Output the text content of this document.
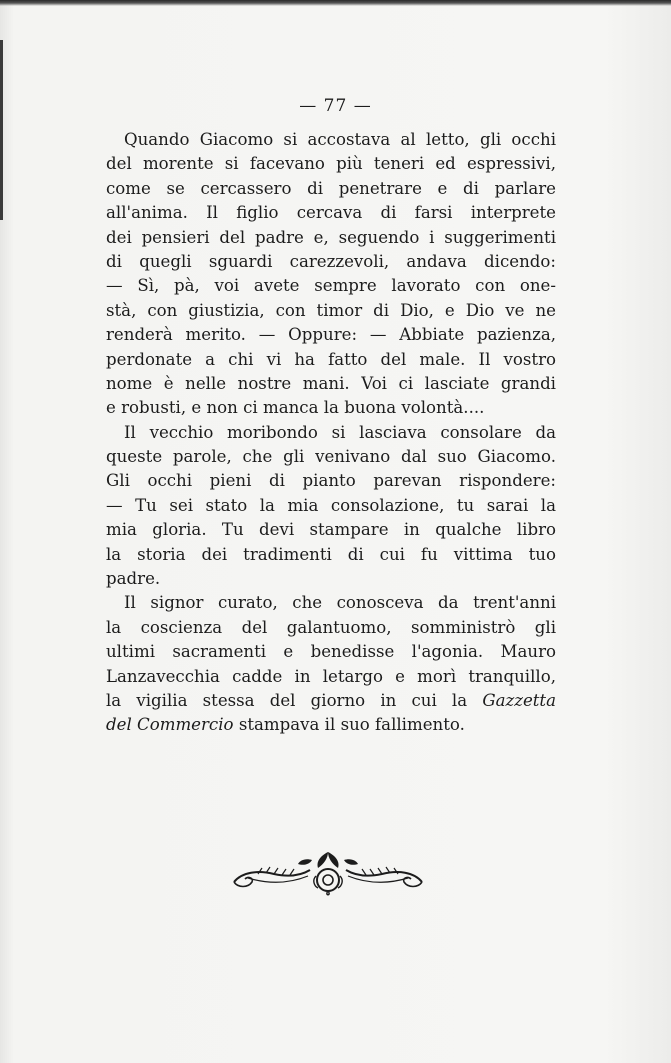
— 77 —
Quando Giacomo si accostava al letto, gli occhi
del morente si facevano più teneri ed espressivi,
come se cercassero di penetrare e di parlare
all'anima. Il figlio cercava di farsi interprete
dei pensieri del padre e, seguendo i suggerimenti
di quegli sguardi carezzevoli, andava dicendo:
— Sì, pà, voi avete sempre lavorato con one-
stà, con giustizia, con timor di Dio, e Dio ve ne
renderà merito. — Oppure: — Abbiate pazienza,
perdonate a chi vi ha fatto del male. Il vostro
nome è nelle nostre mani. Voi ci lasciate grandi
e robusti, e non ci manca la buona volontà....
Il vecchio moribondo si lasciava consolare da
queste parole, che gli venivano dal suo Giacomo.
Gli occhi pieni di pianto parevan rispondere:
— Tu sei stato la mia consolazione, tu sarai la
mia gloria. Tu devi stampare in qualche libro
la storia dei tradimenti di cui fu vittima tuo
padre.
Il signor curato, che conosceva da trent'anni
la coscienza del galantuomo, somministrò gli
ultimi sacramenti e benedisse l'agonia. Mauro
Lanzavecchia cadde in letargo e morì tranquillo,
la vigilia stessa del giorno in cui la Gazzetta
del Commercio stampava il suo fallimento.
